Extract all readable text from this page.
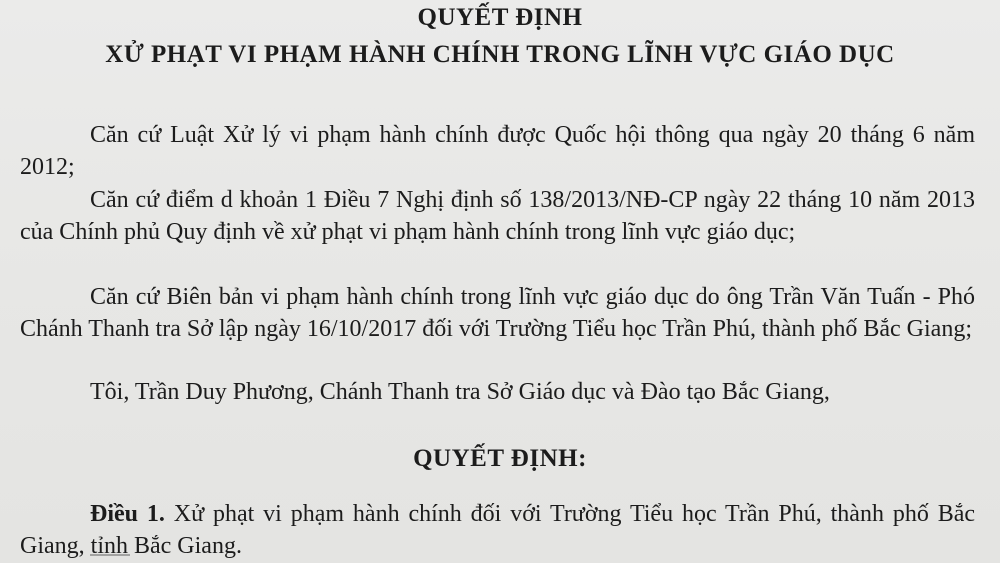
QUYẾT ĐỊNH
XỬ PHẠT VI PHẠM HÀNH CHÍNH TRONG LĨNH VỰC GIÁO DỤC
Căn cứ Luật Xử lý vi phạm hành chính được Quốc hội thông qua ngày 20 tháng 6 năm 2012;
Căn cứ điểm d khoản 1 Điều 7 Nghị định số 138/2013/NĐ-CP ngày 22 tháng 10 năm 2013 của Chính phủ Quy định về xử phạt vi phạm hành chính trong lĩnh vực giáo dục;
Căn cứ Biên bản vi phạm hành chính trong lĩnh vực giáo dục do ông Trần Văn Tuấn - Phó Chánh Thanh tra Sở lập ngày 16/10/2017 đối với Trường Tiểu học Trần Phú, thành phố Bắc Giang;
Tôi, Trần Duy Phương, Chánh Thanh tra Sở Giáo dục và Đào tạo Bắc Giang,
QUYẾT ĐỊNH:
Điều 1. Xử phạt vi phạm hành chính đối với Trường Tiểu học Trần Phú, thành phố Bắc Giang, tỉnh Bắc Giang.
